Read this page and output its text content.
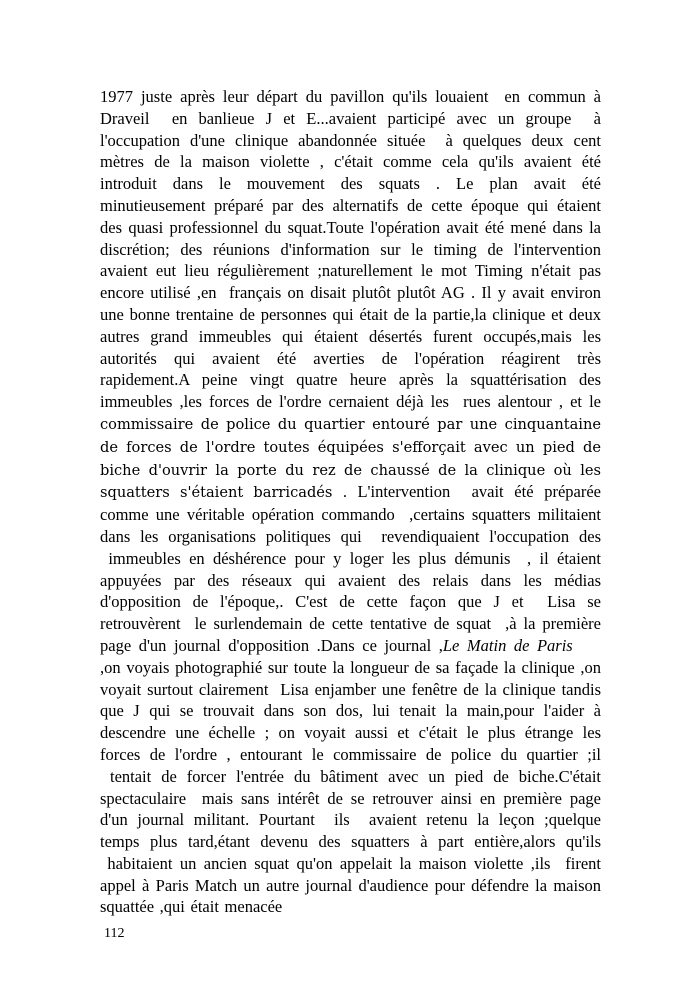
1977 juste après leur départ du pavillon qu'ils louaient  en commun à Draveil  en banlieue J et E...avaient participé avec un groupe  à l'occupation d'une clinique abandonnée située  à quelques deux cent mètres de la maison violette , c'était comme cela qu'ils avaient été introduit dans le mouvement des squats . Le plan avait été minutieusement préparé par des alternatifs de cette époque qui étaient des quasi professionnel du squat.Toute l'opération avait été mené dans la discrétion; des réunions d'information sur le timing de l'intervention avaient eut lieu régulièrement ;naturellement le mot Timing n'était pas encore utilisé ,en  français on disait plutôt plutôt AG . Il y avait environ une bonne trentaine de personnes qui était de la partie,la clinique et deux autres grand immeubles qui étaient désertés furent occupés,mais les autorités qui avaient été averties de l'opération réagirent très rapidement.A peine vingt quatre heure après la squattérisation des immeubles ,les forces de l'ordre cernaient déjà les  rues alentour , et le commissaire de police du quartier entouré par une cinquantaine de forces de l'ordre toutes équipées s'efforçait avec un pied de biche d'ouvrir la porte du rez de chaussé de la clinique où les squatters s'étaient barricadés . L'intervention  avait été préparée comme une véritable opération commando  ,certains squatters militaient dans les organisations politiques qui  revendiquaient l'occupation des  immeubles en déshérence pour y loger les plus démunis  , il étaient appuyées par des réseaux qui avaient des relais dans les médias d'opposition de l'époque,. C'est de cette façon que J et  Lisa se retrouvèrent  le surlendemain de cette tentative de squat  ,à la première page d'un journal d'opposition .Dans ce journal ,Le Matin de Paris     ,on voyais photographié sur toute la longueur de sa façade la clinique ,on voyait surtout clairement  Lisa enjamber une fenêtre de la clinique tandis que J qui se trouvait dans son dos, lui tenait la main,pour l'aider à descendre une échelle ; on voyait aussi et c'était le plus étrange les forces de l'ordre , entourant le commissaire de police du quartier ;il  tentait de forcer l'entrée du bâtiment avec un pied de biche.C'était spectaculaire  mais sans intérêt de se retrouver ainsi en première page d'un journal militant. Pourtant  ils  avaient retenu la leçon ;quelque temps plus tard,étant devenu des squatters à part entière,alors qu'ils  habitaient un ancien squat qu'on appelait la maison violette ,ils  firent appel à Paris Match un autre journal d'audience pour défendre la maison squattée ,qui était menacée

112
